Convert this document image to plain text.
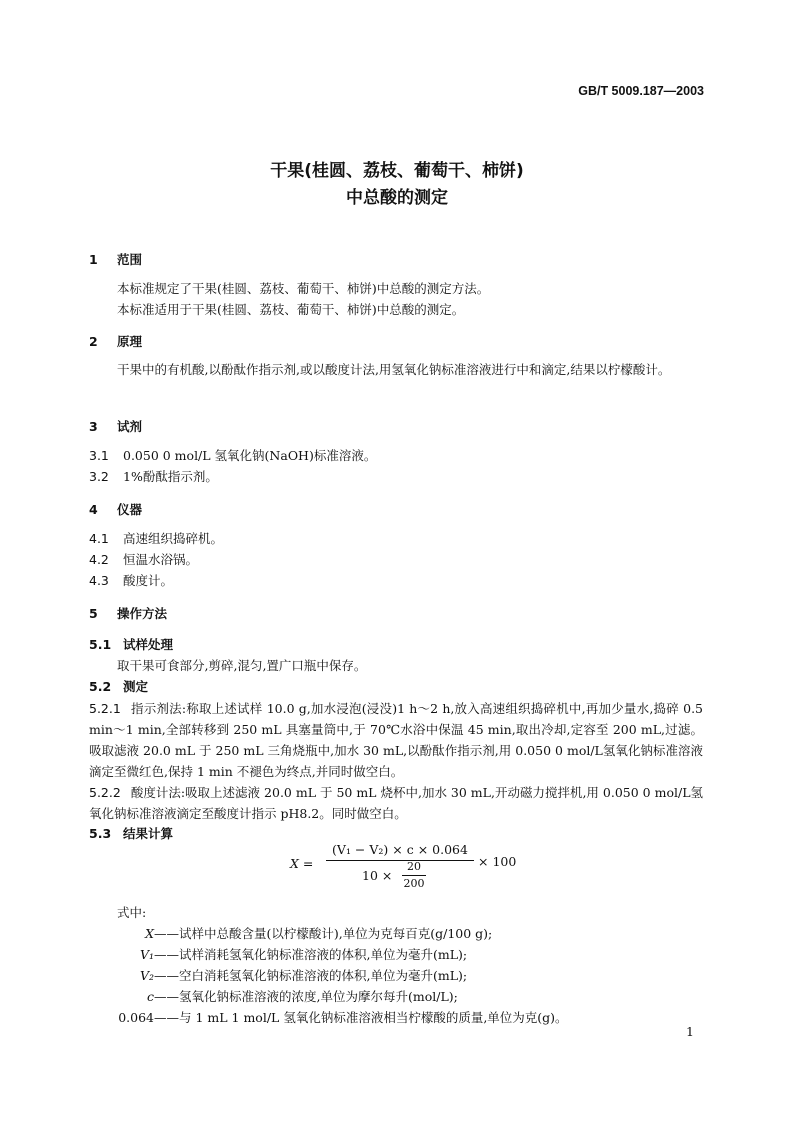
GB/T 5009.187—2003
干果(桂圆、荔枝、葡萄干、柿饼)
中总酸的测定
1 范围
本标准规定了干果(桂圆、荔枝、葡萄干、柿饼)中总酸的测定方法。
本标准适用于干果(桂圆、荔枝、葡萄干、柿饼)中总酸的测定。
2 原理
干果中的有机酸,以酚酞作指示剂,或以酸度计法,用氢氧化钠标准溶液进行中和滴定,结果以柠檬酸计。
3 试剂
3.1 0.050 0 mol/L 氢氧化钠(NaOH)标准溶液。
3.2 1%酚酞指示剂。
4 仪器
4.1 高速组织捣碎机。
4.2 恒温水浴锅。
4.3 酸度计。
5 操作方法
5.1 试样处理
取干果可食部分,剪碎,混匀,置广口瓶中保存。
5.2 测定
5.2.1 指示剂法:称取上述试样 10.0 g,加水浸泡(浸没)1 h～2 h,放入高速组织捣碎机中,再加少量水,捣碎 0.5 min～1 min,全部转移到 250 mL 具塞量筒中,于 70℃水浴中保温 45 min,取出冷却,定容至 200 mL,过滤。吸取滤液 20.0 mL 于 250 mL 三角烧瓶中,加水 30 mL,以酚酞作指示剂,用 0.050 0 mol/L氢氧化钠标准溶液滴定至微红色,保持 1 min 不褪色为终点,并同时做空白。
5.2.2 酸度计法:吸取上述滤液 20.0 mL 于 50 mL 烧杯中,加水 30 mL,开动磁力搅拌机,用 0.050 0 mol/L氢氧化钠标准溶液滴定至酸度计指示 pH8.2。同时做空白。
5.3 结果计算
X =
(V₁ − V₂) × c × 0.064
10 ×
20
200
× 100
式中:
X——试样中总酸含量(以柠檬酸计),单位为克每百克(g/100 g);
V₁——试样消耗氢氧化钠标准溶液的体积,单位为毫升(mL);
V₂——空白消耗氢氧化钠标准溶液的体积,单位为毫升(mL);
c——氢氧化钠标准溶液的浓度,单位为摩尔每升(mol/L);
0.064——与 1 mL 1 mol/L 氢氧化钠标准溶液相当柠檬酸的质量,单位为克(g)。
1
